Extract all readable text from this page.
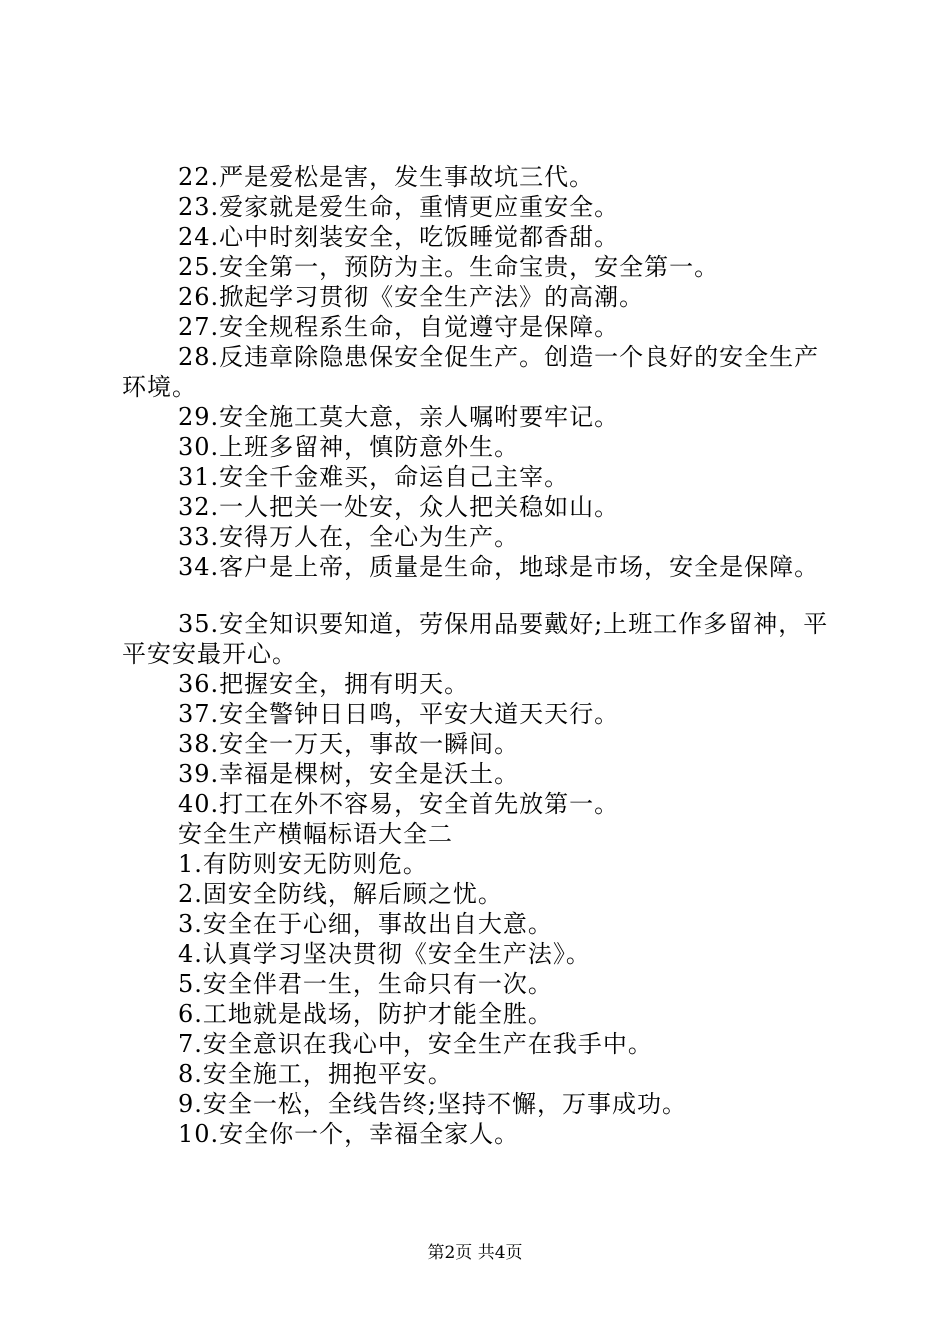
22.严是爱松是害，发生事故坑三代。
23.爱家就是爱生命，重情更应重安全。
24.心中时刻装安全，吃饭睡觉都香甜。
25.安全第一，预防为主。生命宝贵，安全第一。
26.掀起学习贯彻《安全生产法》的高潮。
27.安全规程系生命，自觉遵守是保障。
28.反违章除隐患保安全促生产。创造一个良好的安全生产环境。
29.安全施工莫大意，亲人嘱咐要牢记。
30.上班多留神，慎防意外生。
31.安全千金难买，命运自己主宰。
32.一人把关一处安，众人把关稳如山。
33.安得万人在，全心为生产。
34.客户是上帝，质量是生命，地球是市场，安全是保障。
35.安全知识要知道，劳保用品要戴好;上班工作多留神，平平安安最开心。
36.把握安全，拥有明天。
37.安全警钟日日鸣，平安大道天天行。
38.安全一万天，事故一瞬间。
39.幸福是棵树，安全是沃土。
40.打工在外不容易，安全首先放第一。
安全生产横幅标语大全二
1.有防则安无防则危。
2.固安全防线，解后顾之忧。
3.安全在于心细，事故出自大意。
4.认真学习坚决贯彻《安全生产法》。
5.安全伴君一生，生命只有一次。
6.工地就是战场，防护才能全胜。
7.安全意识在我心中，安全生产在我手中。
8.安全施工，拥抱平安。
9.安全一松，全线告终;坚持不懈，万事成功。
10.安全你一个，幸福全家人。
第2页 共4页
